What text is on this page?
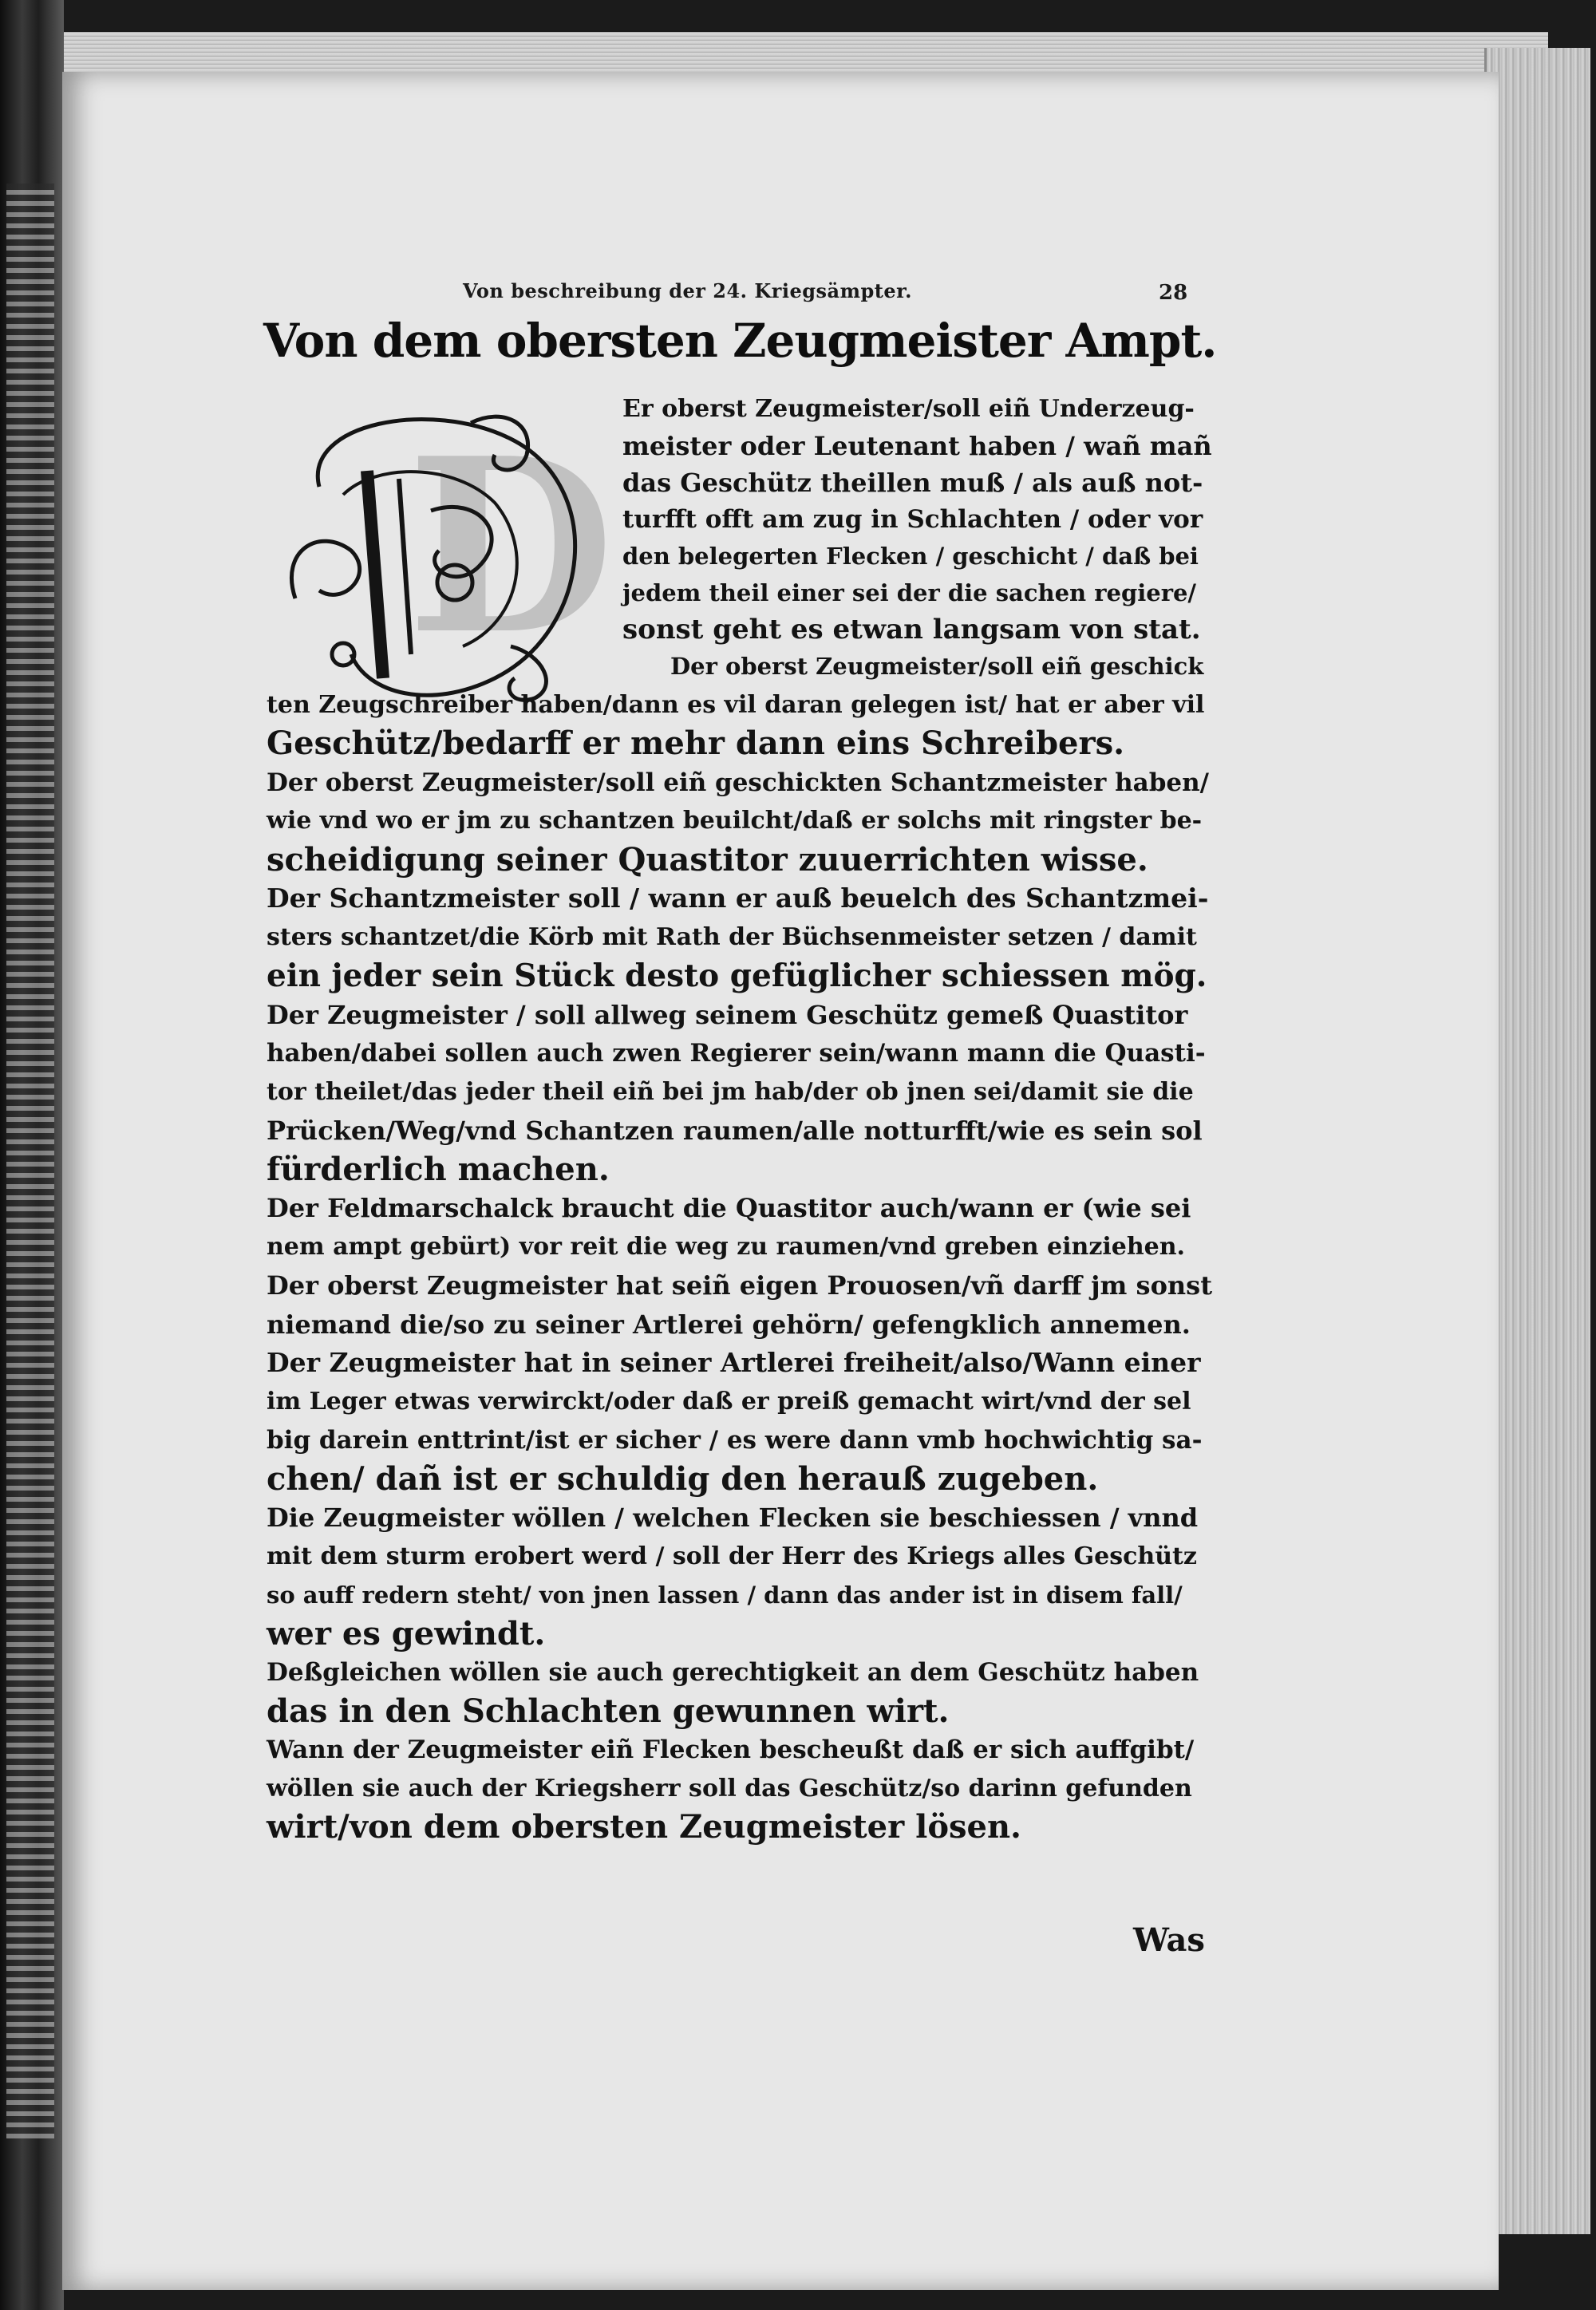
Von beschreibung der 24. Kriegsämpter.	28
Von dem obersten Zeugmeister Ampt.
D Er oberst Zeugmeister/soll eiñ Underzeug-
meister oder Leutenant haben / wañ mañ
das Geschütz theillen muß / als auß not-
turfft offt am zug in Schlachten / oder vor
den belegerten Flecken / geschicht / daß bei
jedem theil einer sei der die sachen regiere/
sonst geht es etwan langsam von stat.
Der oberst Zeugmeister/soll eiñ geschick
ten Zeugschreiber haben/dann es vil daran gelegen ist/ hat er aber vil
Geschütz/bedarff er mehr dann eins Schreibers.
Der oberst Zeugmeister/soll eiñ geschickten Schantzmeister haben/
wie vnd wo er jm zu schantzen beuilcht/daß er solchs mit ringster be-
scheidigung seiner Quastitor zuuerrichten wisse.
Der Schantzmeister soll / wann er auß beuelch des Schantzmei-
sters schantzet/die Körb mit Rath der Büchsenmeister setzen / damit
ein jeder sein Stück desto gefüglicher schiessen mög.
Der Zeugmeister / soll allweg seinem Geschütz gemeß Quastitor
haben/dabei sollen auch zwen Regierer sein/wann mann die Quasti-
tor theilet/das jeder theil eiñ bei jm hab/der ob jnen sei/damit sie die
Prücken/Weg/vnd Schantzen raumen/alle notturfft/wie es sein sol
fürderlich machen.
Der Feldmarschalck braucht die Quastitor auch/wann er (wie sei
nem ampt gebürt) vor reit die weg zu raumen/vnd greben einziehen.
Der oberst Zeugmeister hat seiñ eigen Prouosen/vñ darff jm sonst
niemand die/so zu seiner Artlerei gehörn/ gefengklich annemen.
Der Zeugmeister hat in seiner Artlerei freiheit/also/Wann einer
im Leger etwas verwirckt/oder daß er preiß gemacht wirt/vnd der sel
big darein enttrint/ist er sicher / es were dann vmb hochwichtig sa-
chen/ dañ ist er schuldig den herauß zugeben.
Die Zeugmeister wöllen / welchen Flecken sie beschiessen / vnnd
mit dem sturm erobert werd / soll der Herr des Kriegs alles Geschütz
so auff redern steht/ von jnen lassen / dann das ander ist in disem fall/
wer es gewindt.
Deßgleichen wöllen sie auch gerechtigkeit an dem Geschütz haben
das in den Schlachten gewunnen wirt.
Wann der Zeugmeister eiñ Flecken bescheußt daß er sich auffgibt/
wöllen sie auch der Kriegsherr soll das Geschütz/so darinn gefunden
wirt/von dem obersten Zeugmeister lösen.
Was
